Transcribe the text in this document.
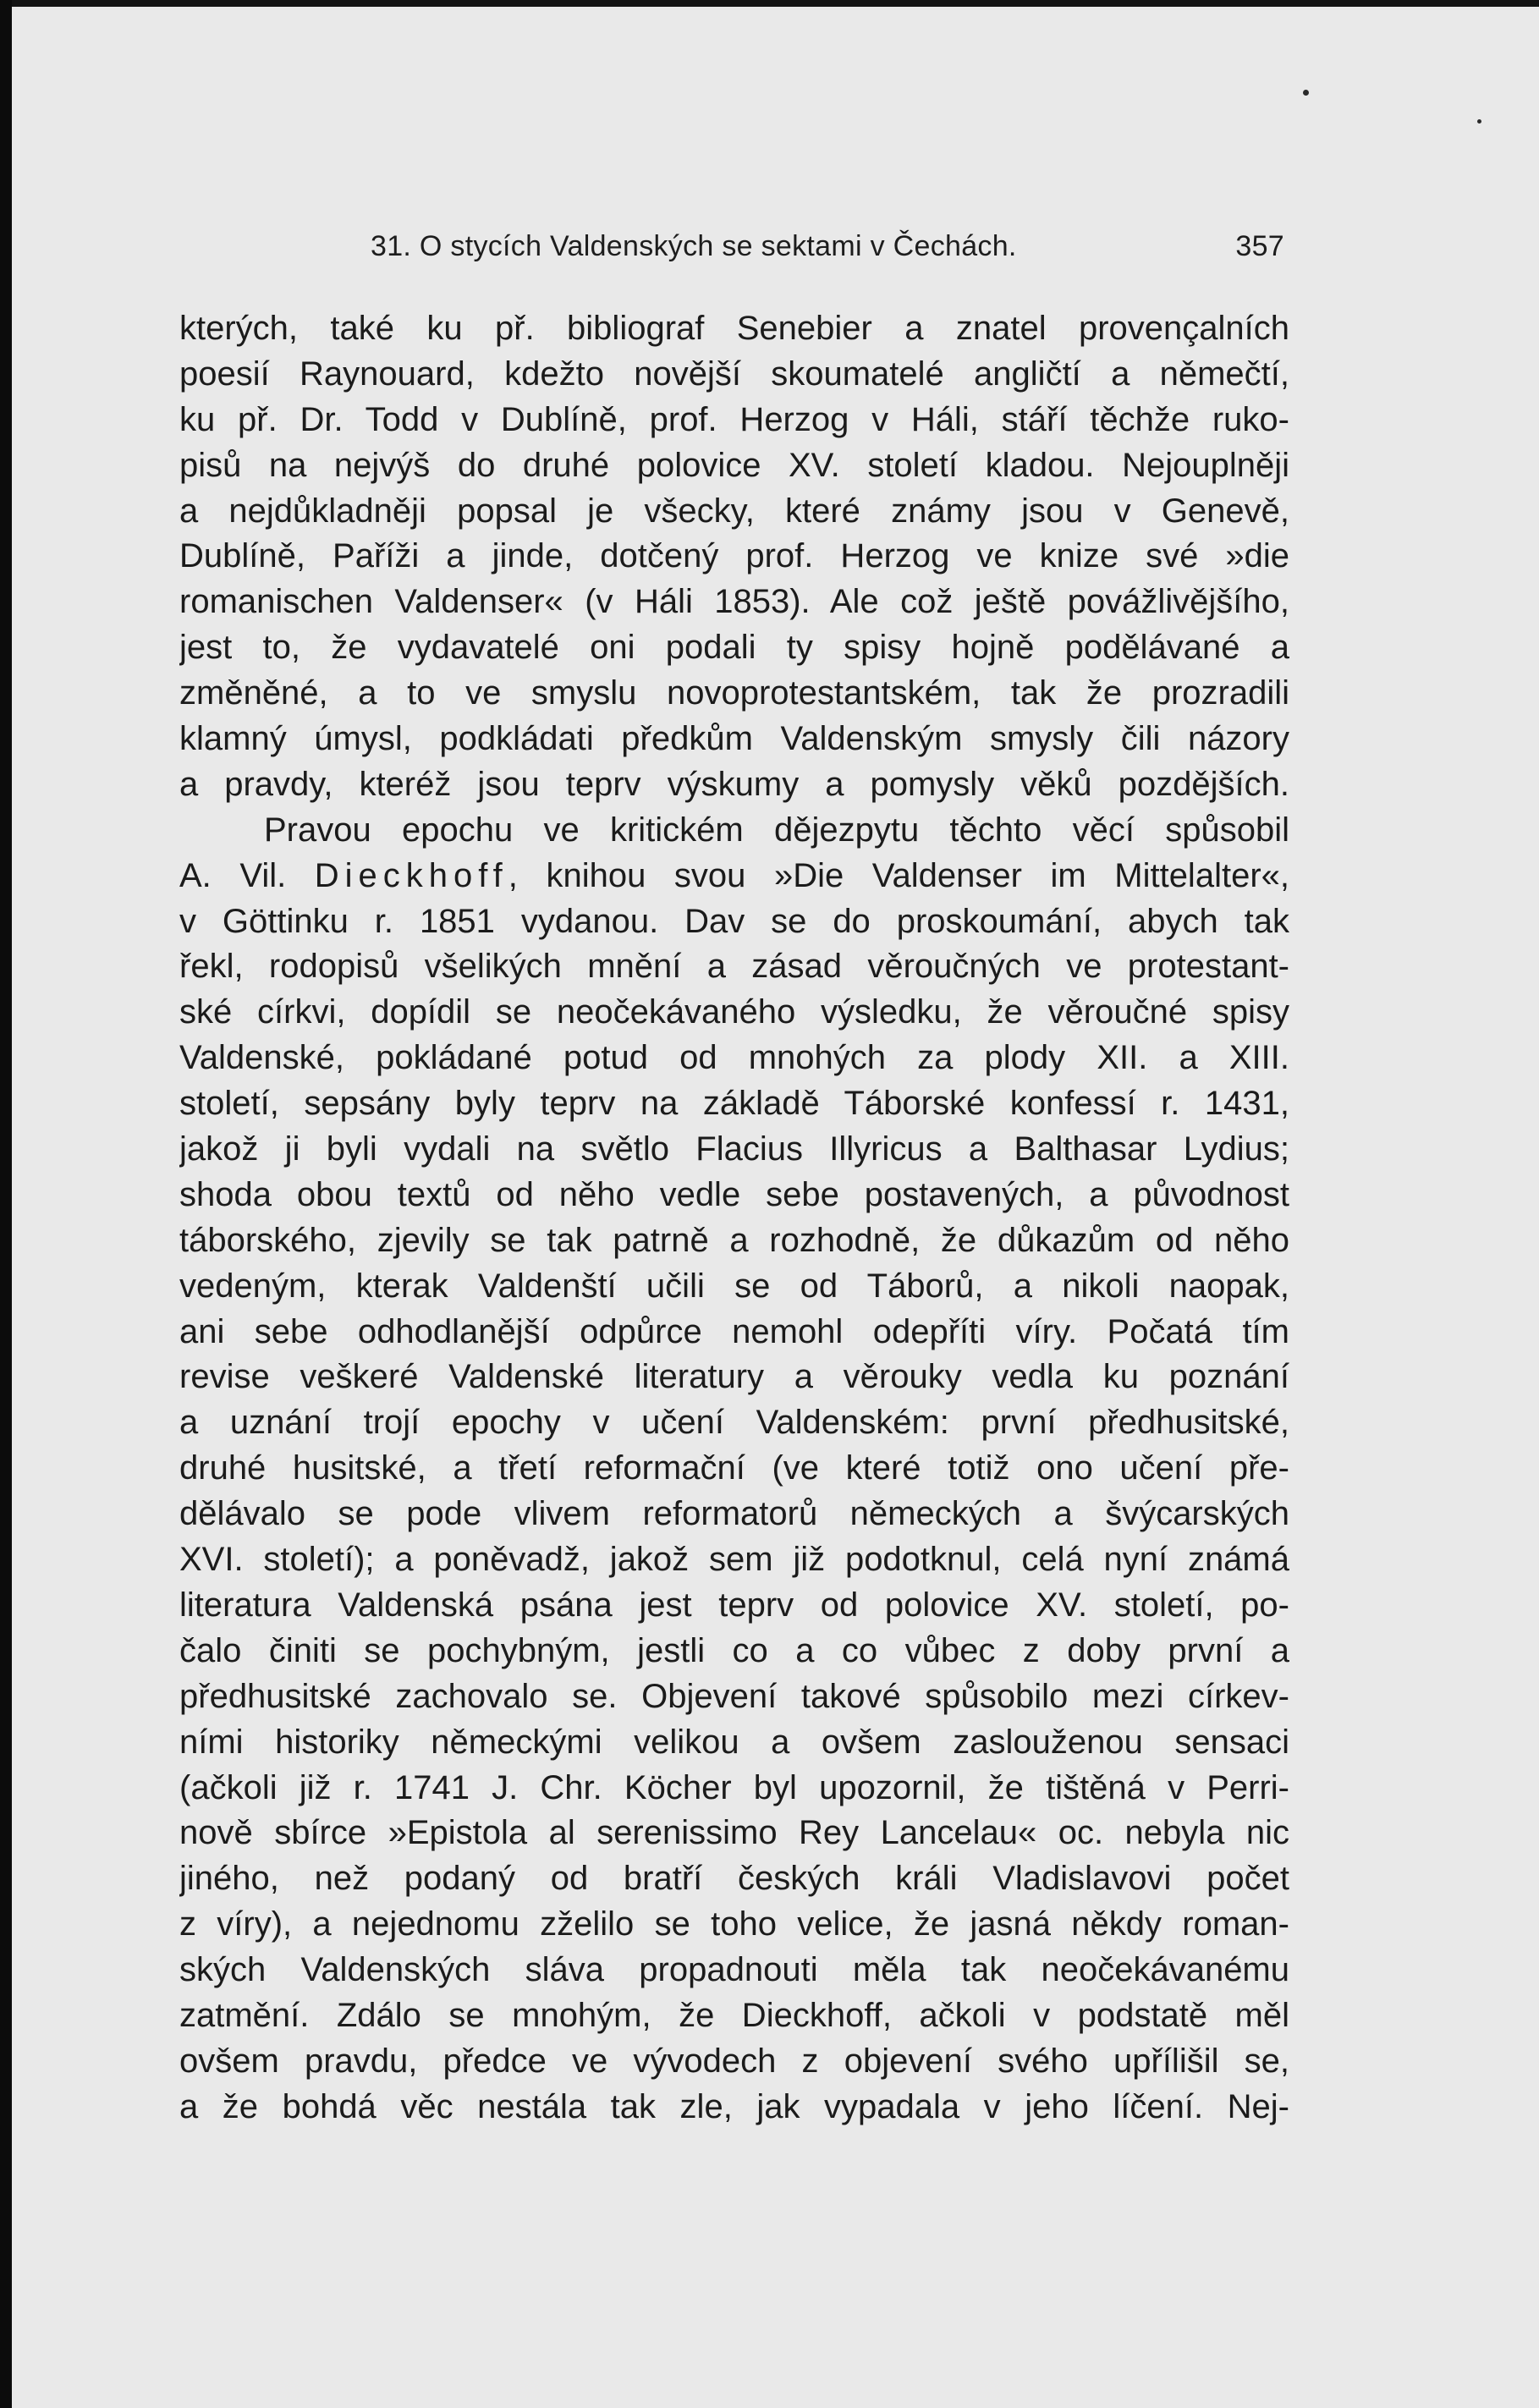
31. O stycích Valdenských se sektami v Čechách.	357
kterých, také ku př. bibliograf Senebier a znatel provençalních
poesií Raynouard, kdežto novější skoumatelé angličtí a němečtí,
ku př. Dr. Todd v Dublíně, prof. Herzog v Háli, stáří těchže ruko-
pisů na nejvýš do druhé polovice XV. století kladou. Nejouplněji
a nejdůkladněji popsal je všecky, které známy jsou v Genevě,
Dublíně, Paříži a jinde, dotčený prof. Herzog ve knize své »die
romanischen Valdenser« (v Háli 1853). Ale což ještě povážlivějšího,
jest to, že vydavatelé oni podali ty spisy hojně podělávané a
změněné, a to ve smyslu novoprotestantském, tak že prozradili
klamný úmysl, podkládati předkům Valdenským smysly čili názory
a pravdy, kteréž jsou teprv výskumy a pomysly věků pozdějších.
Pravou epochu ve kritickém dějezpytu těchto věcí spůsobil
A. Vil. Dieckhoff, knihou svou »Die Valdenser im Mittelalter«,
v Göttinku r. 1851 vydanou. Dav se do proskoumání, abych tak
řekl, rodopisů všelikých mnění a zásad věroučných ve protestant-
ské církvi, dopídil se neočekávaného výsledku, že věroučné spisy
Valdenské, pokládané potud od mnohých za plody XII. a XIII.
století, sepsány byly teprv na základě Táborské konfessí r. 1431,
jakož ji byli vydali na světlo Flacius Illyricus a Balthasar Lydius;
shoda obou textů od něho vedle sebe postavených, a původnost
táborského, zjevily se tak patrně a rozhodně, že důkazům od něho
vedeným, kterak Valdenští učili se od Táborů, a nikoli naopak,
ani sebe odhodlanější odpůrce nemohl odepříti víry. Počatá tím
revise veškeré Valdenské literatury a věrouky vedla ku poznání
a uznání trojí epochy v učení Valdenském: první předhusitské,
druhé husitské, a třetí reformační (ve které totiž ono učení pře-
dělávalo se pode vlivem reformatorů německých a švýcarských
XVI. století); a poněvadž, jakož sem již podotknul, celá nyní známá
literatura Valdenská psána jest teprv od polovice XV. století, po-
čalo činiti se pochybným, jestli co a co vůbec z doby první a
předhusitské zachovalo se. Objevení takové spůsobilo mezi církev-
ními historiky německými velikou a ovšem zaslouženou sensaci
(ačkoli již r. 1741 J. Chr. Köcher byl upozornil, že tištěná v Perri-
nově sbírce »Epistola al serenissimo Rey Lancelau« oc. nebyla nic
jiného, než podaný od bratří českých králi Vladislavovi počet
z víry), a nejednomu zželilo se toho velice, že jasná někdy roman-
ských Valdenských sláva propadnouti měla tak neočekávanému
zatmění. Zdálo se mnohým, že Dieckhoff, ačkoli v podstatě měl
ovšem pravdu, předce ve vývodech z objevení svého upřílišil se,
a že bohdá věc nestála tak zle, jak vypadala v jeho líčení. Nej-
